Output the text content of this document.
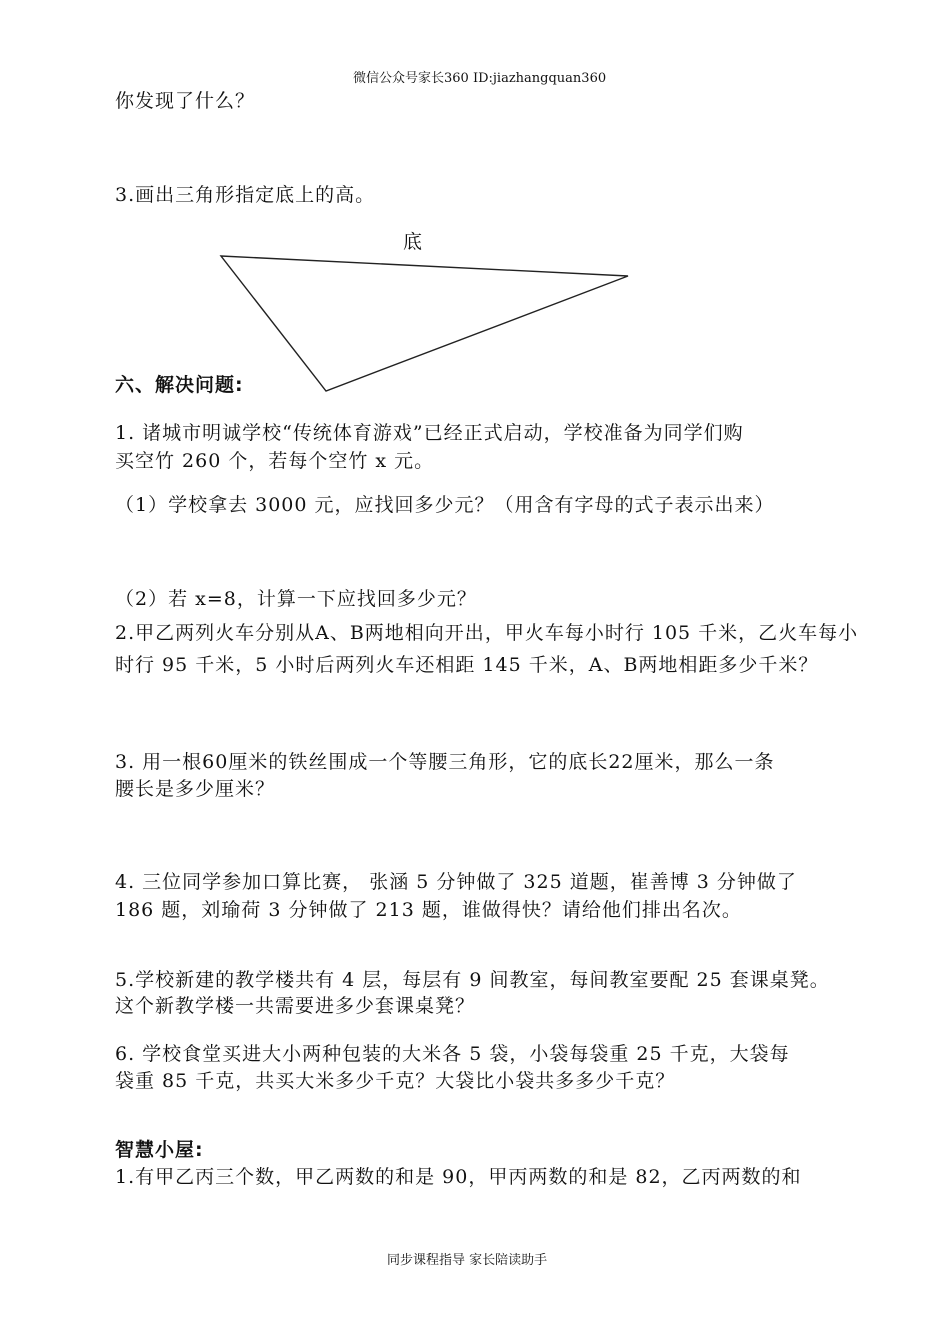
微信公众号家长360 ID:jiazhangquan360
你发现了什么？
3.画出三角形指定底上的高。
底
六、解决问题:
1. 诸城市明诚学校“传统体育游戏”已经正式启动，学校准备为同学们购
买空竹 260 个，若每个空竹 x 元。
（1）学校拿去 3000 元，应找回多少元？（用含有字母的式子表示出来）
（2）若 x=8，计算一下应找回多少元？
2.甲乙两列火车分别从A、B两地相向开出，甲火车每小时行 105 千米，乙火车每小
时行 95 千米，5 小时后两列火车还相距 145 千米，A、B两地相距多少千米？
3. 用一根60厘米的铁丝围成一个等腰三角形，它的底长22厘米，那么一条
腰长是多少厘米？
4. 三位同学参加口算比赛， 张涵 5 分钟做了 325 道题，崔善博 3 分钟做了
186 题，刘瑜荷 3 分钟做了 213 题，谁做得快？请给他们排出名次。
5.学校新建的教学楼共有 4 层，每层有 9 间教室，每间教室要配 25 套课桌凳。
这个新教学楼一共需要进多少套课桌凳？
6. 学校食堂买进大小两种包装的大米各 5 袋，小袋每袋重 25 千克，大袋每
袋重 85 千克，共买大米多少千克？大袋比小袋共多多少千克？
智慧小屋:
1.有甲乙丙三个数，甲乙两数的和是 90，甲丙两数的和是 82，乙丙两数的和
同步课程指导 家长陪读助手
